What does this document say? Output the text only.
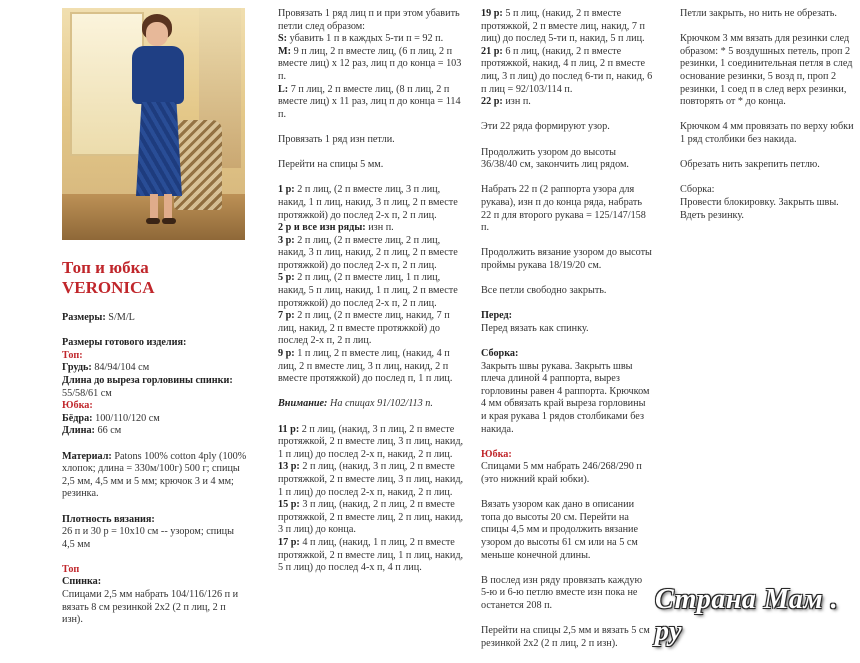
Топ и юбка
VERONICA

Размеры: S/M/L

Размеры готового изделия:

Топ:

Грудь: 84/94/104 см

Длина до выреза горловины спинки: 55/58/61 см

Юбка:

Бёдра: 100/110/120 см

Длина: 66 см

Материал: Patons 100% cotton 4ply (100% хлопок; длина = 330м/100г) 500 г; спицы 2,5 мм, 4,5 мм и 5 мм; крючок 3 и 4 мм; резинка.

Плотность вязания:

26 п и 30 р = 10х10 см -- узором; спицы 4,5 мм

Топ

Спинка:

Спицами 2,5 мм набрать 104/116/126 п и вязать 8 см резинкой 2х2 (2 п лиц, 2 п изн).

Провязать 1 ряд лиц п и при этом убавить петли след образом:

S: убавить 1 п в каждых 5-ти п = 92 п.

M: 9 п лиц, 2 п вместе лиц, (6 п лиц, 2 п вместе лиц) х 12 раз, лиц п до конца = 103 п.

L: 7 п лиц, 2 п вместе лиц, (8 п лиц, 2 п вместе лиц) х 11 раз, лиц п до конца = 114 п.

Провязать 1 ряд изн петли.

Перейти на спицы 5 мм.

1 р: 2 п лиц, (2 п вместе лиц, 3 п лиц, накид, 1 п лиц, накид, 3 п лиц, 2 п вместе протяжкой) до послед 2-х п, 2 п лиц.

2 р и все изн ряды: изн п.

3 р: 2 п лиц, (2 п вместе лиц, 2 п лиц, накид, 3 п лиц, накид, 2 п лиц, 2 п вместе протяжкой) до послед 2-х п, 2 п лиц.

5 р: 2 п лиц, (2 п вместе лиц, 1 п лиц, накид, 5 п лиц, накид, 1 п лиц, 2 п вместе протяжкой) до послед 2-х п, 2 п лиц.

7 р: 2 п лиц, (2 п вместе лиц, накид, 7 п лиц, накид, 2 п вместе протяжкой) до послед 2-х п, 2 п лиц.

9 р: 1 п лиц, 2 п вместе лиц, (накид, 4 п лиц, 2 п вместе лиц, 3 п лиц, накид, 2 п вместе протяжкой) до послед п, 1 п лиц.

Внимание: На спицах 91/102/113 п.

11 р: 2 п лиц, (накид, 3 п лиц, 2 п вместе протяжкой, 2 п вместе лиц, 3 п лиц, накид, 1 п лиц) до послед 2-х п, накид, 2 п лиц.

13 р: 2 п лиц, (накид, 3 п лиц, 2 п вместе протяжкой, 2 п вместе лиц, 3 п лиц, накид, 1 п лиц) до послед 2-х п, накид, 2 п лиц.

15 р: 3 п лиц, (накид, 2 п лиц, 2 п вместе протяжкой, 2 п вместе лиц, 2 п лиц, накид, 3 п лиц) до конца.

17 р: 4 п лиц, (накид, 1 п лиц, 2 п вместе протяжкой, 2 п вместе лиц, 1 п лиц, накид, 5 п лиц) до послед 4-х п, 4 п лиц.

19 р: 5 п лиц, (накид, 2 п вместе протяжкой, 2 п вместе лиц, накид, 7 п лиц) до послед 5-ти п, накид, 5 п лиц.

21 р: 6 п лиц, (накид, 2 п вместе протяжкой, накид, 4 п лиц, 2 п вместе лиц, 3 п лиц) до послед 6-ти п, накид, 6 п лиц = 92/103/114 п.

22 р: изн п.

Эти 22 ряда формируют узор.

Продолжить узором до высоты 36/38/40 см, закончить лиц рядом.

Набрать 22 п (2 раппорта узора для рукава), изн п до конца ряда, набрать 22 п для второго рукава = 125/147/158 п.

Продолжить вязание узором до высоты проймы рукава 18/19/20 см.

Все петли свободно закрыть.

Перед:

Перед вязать как спинку.

Сборка:

Закрыть швы рукава. Закрыть швы плеча длиной 4 раппорта, вырез горловины равен 4 раппорта. Крючком 4 мм обвязать край выреза горловины и края рукава 1 рядов столбиками без накида.

Юбка:

Спицами 5 мм набрать 246/268/290 п (это нижний край юбки).

Вязать узором как дано в описании топа до высоты 20 см. Перейти на спицы 4,5 мм и продолжить вязание узором до высоты 61 см или на 5 см меньше конечной длины.

В послед изн ряду провязать каждую 5-ю и 6-ю петлю вместе изн пока не останется 208 п.

Перейти на спицы 2,5 мм и вязать 5 см резинкой 2х2 (2 п лиц, 2 п изн).

Петли закрыть, но нить не обрезать.

Крючком 3 мм вязать для резинки след образом: * 5 воздушных петель, проп 2 резинки, 1 соединительная петля в след основание резинки, 5 возд п, проп 2 резинки, 1 соед п в след верх резинки, повторять от * до конца.

Крючком 4 мм провязать по верху юбки 1 ряд столбики без накида.

Обрезать нить закрепить петлю.

Сборка:

Провести блокировку. Закрыть швы.

Вдеть резинку.

Страна Мам . ру
